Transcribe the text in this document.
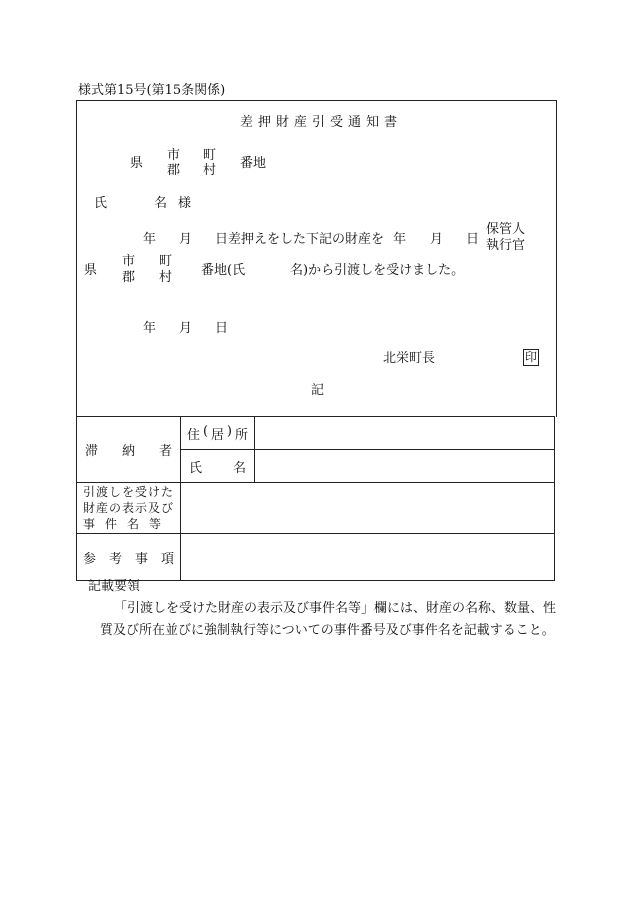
様式第15号(第15条関係)
差押財産引受通知書
県
市
郡
町
村 番地
氏	名 様
年 月 日差押えをした下記の財産を 年 月 日
保管人
執行官
県
市
郡
町
村 番地(氏	名)から引渡しを受けました。
年 月 日
北栄町長	印
記
滞 納 者	住 ( 居 ) 所	

	氏 名	

引渡しを受けた
財産の表示及び
事件名等		

参 考 事 項		

記載要領
「引渡しを受けた財産の表示及び事件名等」欄には、財産の名称、数量、性質及び所在並びに強制執行等についての事件番号及び事件名を記載すること。
